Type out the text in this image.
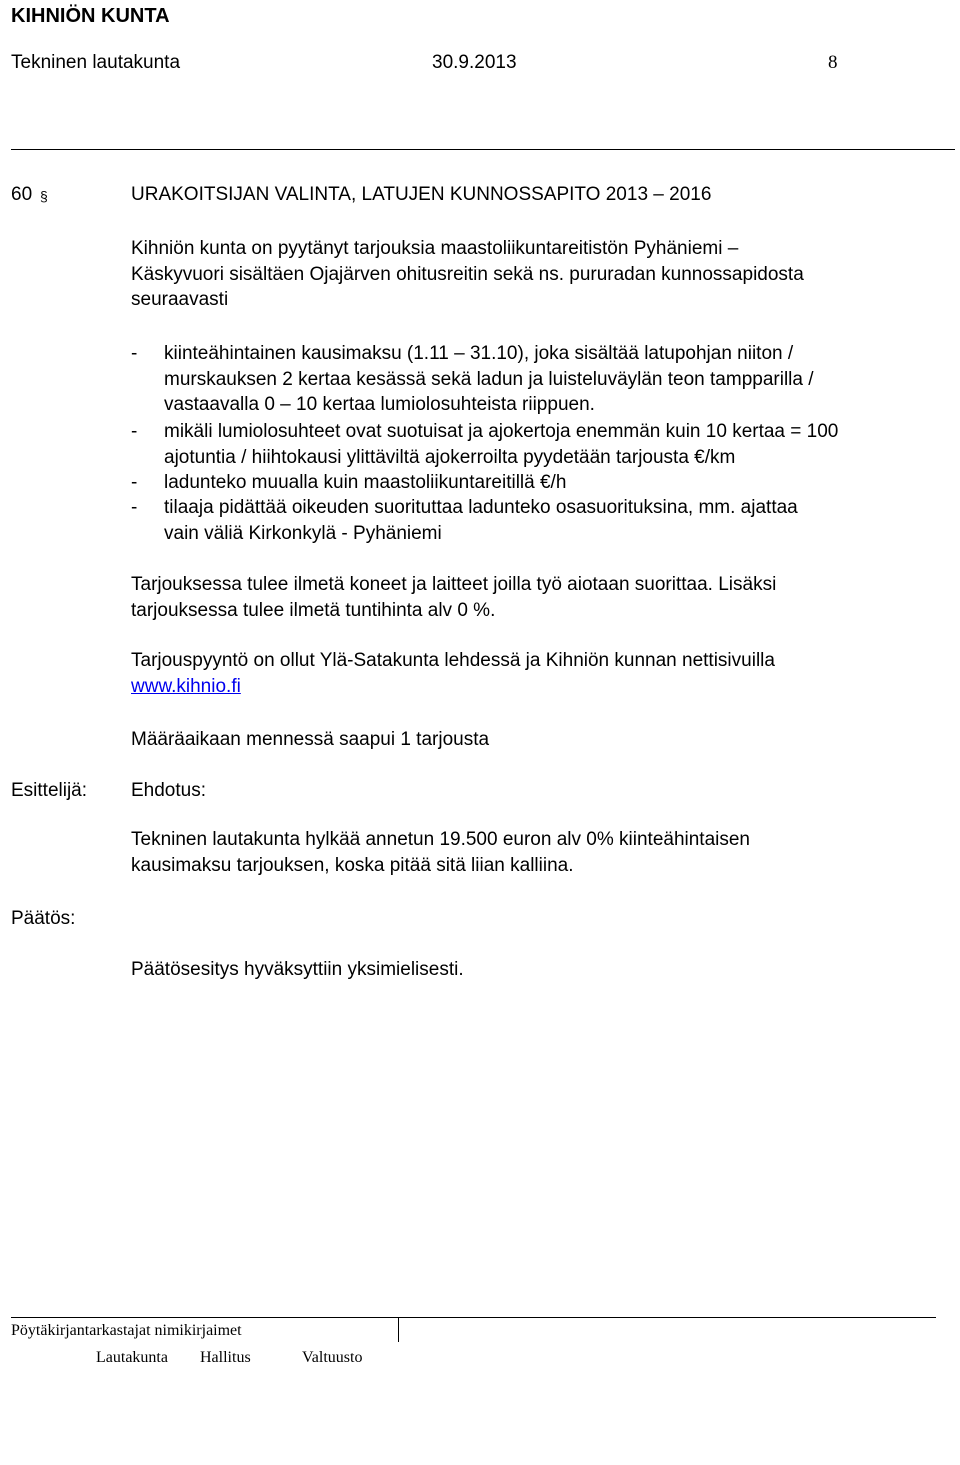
KIHNIÖN KUNTA
Tekninen lautakunta	30.9.2013	8
60 §	URAKOITSIJAN VALINTA, LATUJEN KUNNOSSAPITO 2013 – 2016
Kihniön kunta on pyytänyt tarjouksia maastoliikuntareitistön Pyhäniemi –
Käskyvuori sisältäen Ojajärven ohitusreitin sekä ns. pururadan kunnossapidosta
seuraavasti
- kiinteähintainen kausimaksu (1.11 – 31.10), joka sisältää latupohjan niiton /
murskauksen 2 kertaa kesässä sekä ladun ja luisteluväylän teon tampparilla /
vastaavalla 0 – 10 kertaa lumiolosuhteista riippuen.
- mikäli lumiolosuhteet ovat suotuisat ja ajokertoja enemmän kuin 10 kertaa = 100
ajotuntia / hiihtokausi ylittäviltä ajokerroilta pyydetään tarjousta €/km
- ladunteko muualla kuin maastoliikuntareitillä €/h
- tilaaja pidättää oikeuden suorituttaa ladunteko osasuorituksina, mm. ajattaa
vain väliä Kirkonkylä - Pyhäniemi
Tarjouksessa tulee ilmetä koneet ja laitteet joilla työ aiotaan suorittaa. Lisäksi
tarjouksessa tulee ilmetä tuntihinta alv 0 %.
Tarjouspyyntö on ollut Ylä-Satakunta lehdessä ja Kihniön kunnan nettisivuilla
www.kihnio.fi
Määräaikaan mennessä saapui 1 tarjousta
Esittelijä: Ehdotus:
Tekninen lautakunta hylkää annetun 19.500 euron alv 0% kiinteähintaisen
kausimaksu tarjouksen, koska pitää sitä liian kalliina.
Päätös:
Päätösesitys hyväksyttiin yksimielisesti.
Pöytäkirjantarkastajat nimikirjaimet
Lautakunta Hallitus	Valtuusto
